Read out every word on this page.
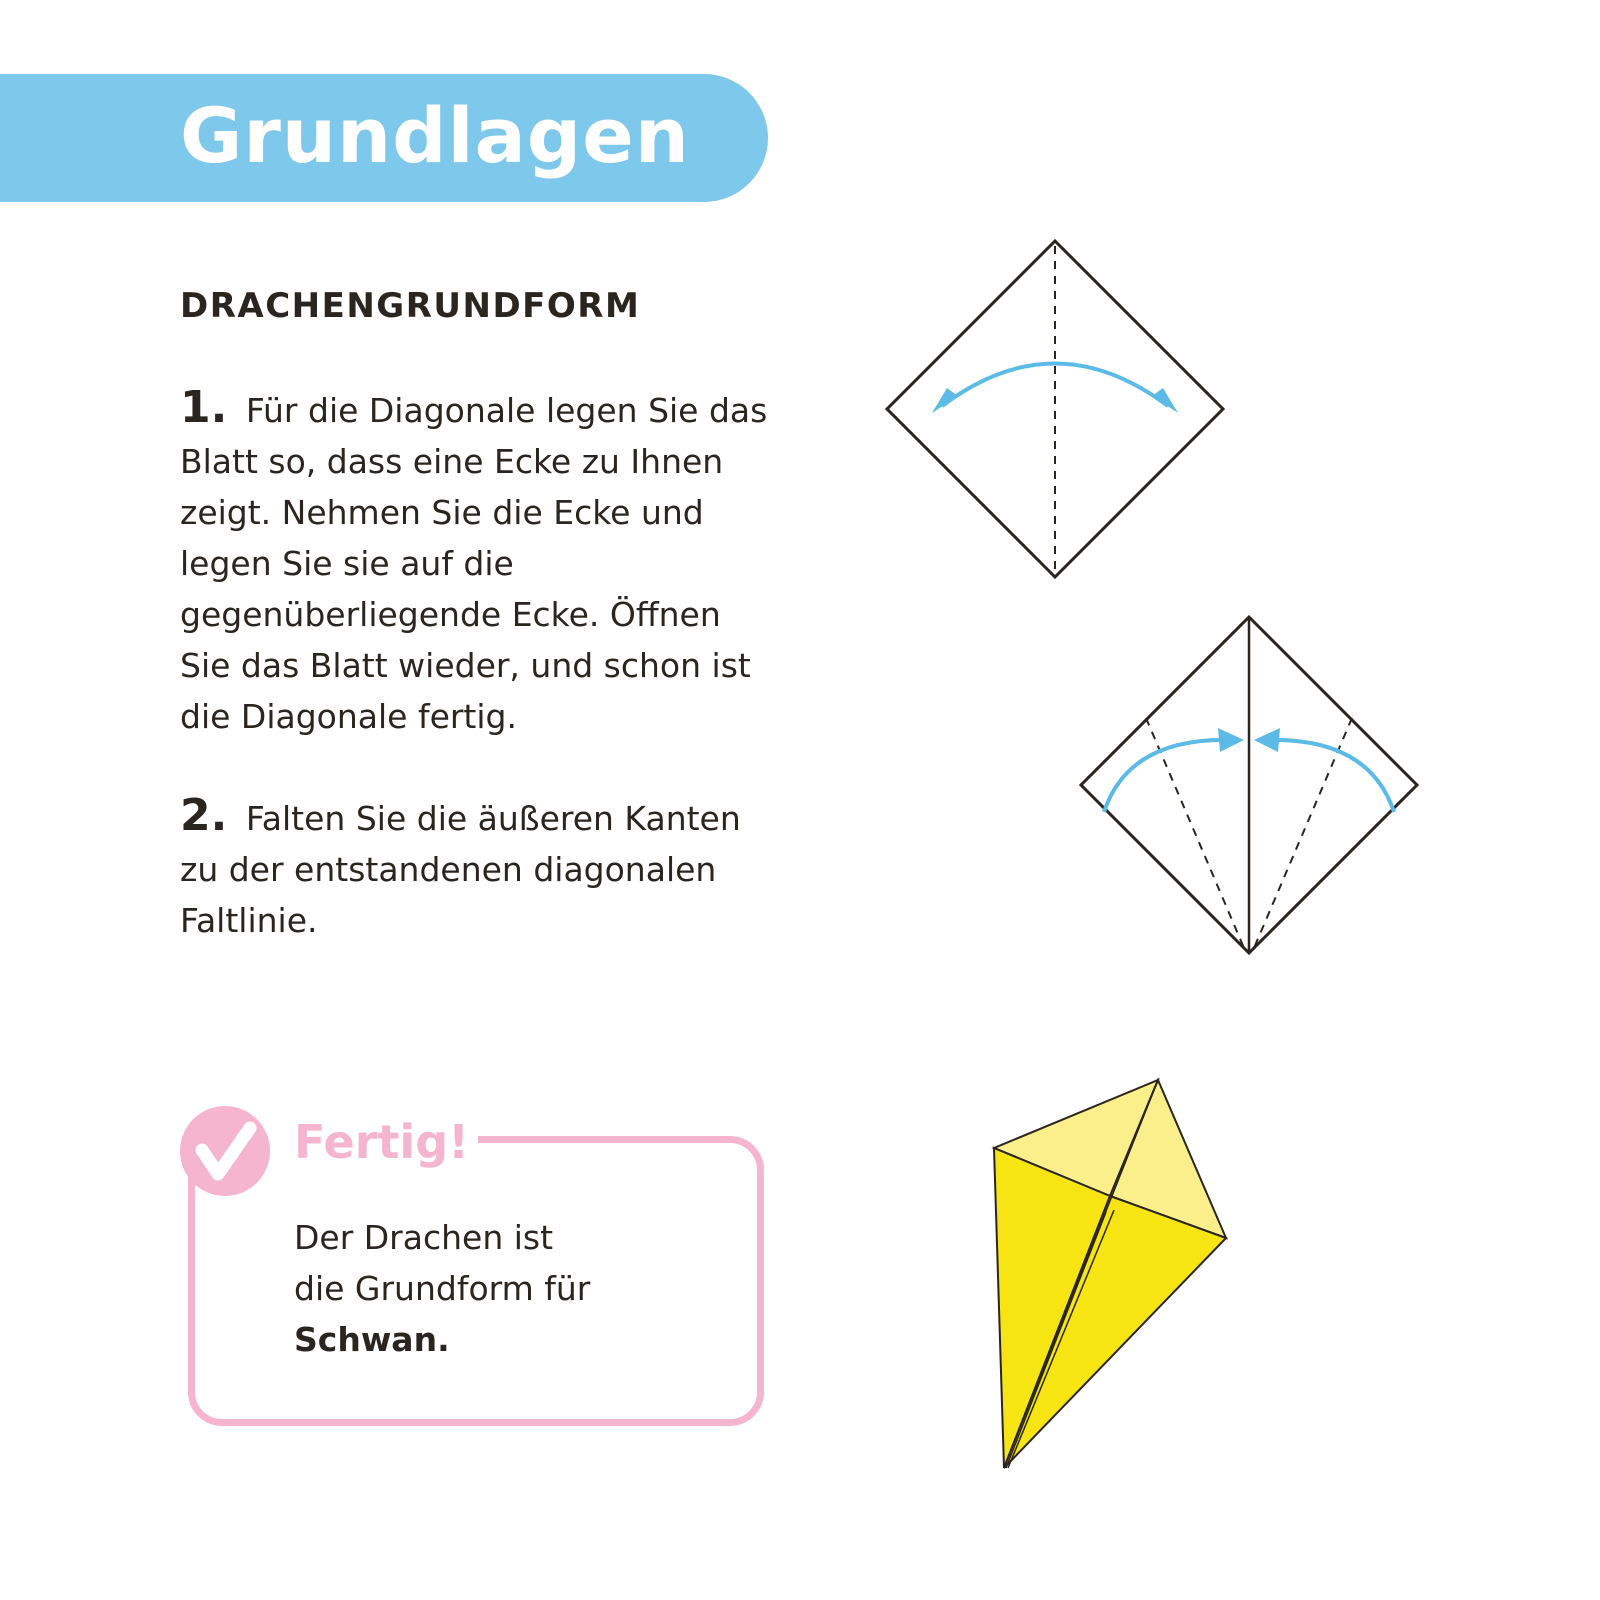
Grundlagen
DRACHENGRUNDFORM
1. Für die Diagonale legen Sie das Blatt so, dass eine Ecke zu Ihnen zeigt. Nehmen Sie die Ecke und legen Sie sie auf die gegenüberliegende Ecke. Öffnen Sie das Blatt wieder, und schon ist die Diagonale fertig.
2. Falten Sie die äußeren Kanten zu der entstandenen diagonalen Faltlinie.
Fertig!
Der Drachen ist
die Grundform für
Schwan.
